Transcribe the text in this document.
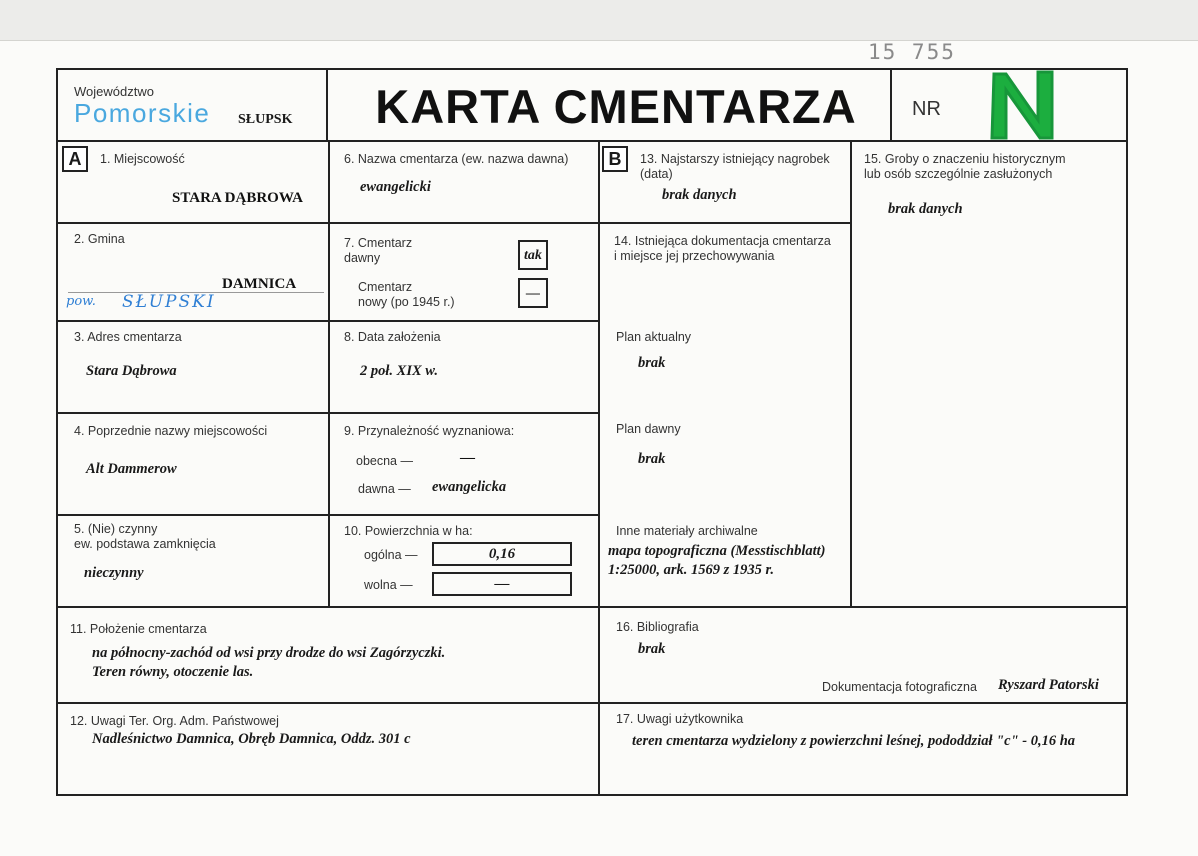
15 755
Województwo
Pomorskie SŁUPSK	KARTA CMENTARZA	NR
A	B
1. Miejscowość
STARA DĄBROWA
2. Gmina
DAMNICA
pow. SŁUPSKI
3. Adres cmentarza
Stara Dąbrowa
4. Poprzednie nazwy miejscowości
Alt Dammerow
5. (Nie) czynny
ew. podstawa zamknięcia
nieczynny
6. Nazwa cmentarza (ew. nazwa dawna)
ewangelicki
7. Cmentarz
dawny	tak
Cmentarz
nowy (po 1945 r.)
—
8. Data założenia
2 poł. XIX w.
9. Przynależność wyznaniowa:
obecna —	—
dawna — ewangelicka
10. Powierzchnia w ha:
ogólna —	0,16
wolna —	—
11. Położenie cmentarza
na północny-zachód od wsi przy drodze do wsi Zagórzyczki.
Teren równy, otoczenie las.
12. Uwagi Ter. Org. Adm. Państwowej
Nadleśnictwo Damnica, Obręb Damnica, Oddz. 301 c
13. Najstarszy istniejący nagrobek
(data)
brak danych
14. Istniejąca dokumentacja cmentarza
i miejsce jej przechowywania
Plan aktualny
brak
Plan dawny
brak
Inne materiały archiwalne
mapa topograficzna (Messtischblatt)
1:25000, ark. 1569 z 1935 r.
15. Groby o znaczeniu historycznym
lub osób szczególnie zasłużonych
brak danych
16. Bibliografia
brak
Dokumentacja fotograficzna Ryszard Patorski
17. Uwagi użytkownika
teren cmentarza wydzielony z powierzchni leśnej, pododdział "c" - 0,16 ha
